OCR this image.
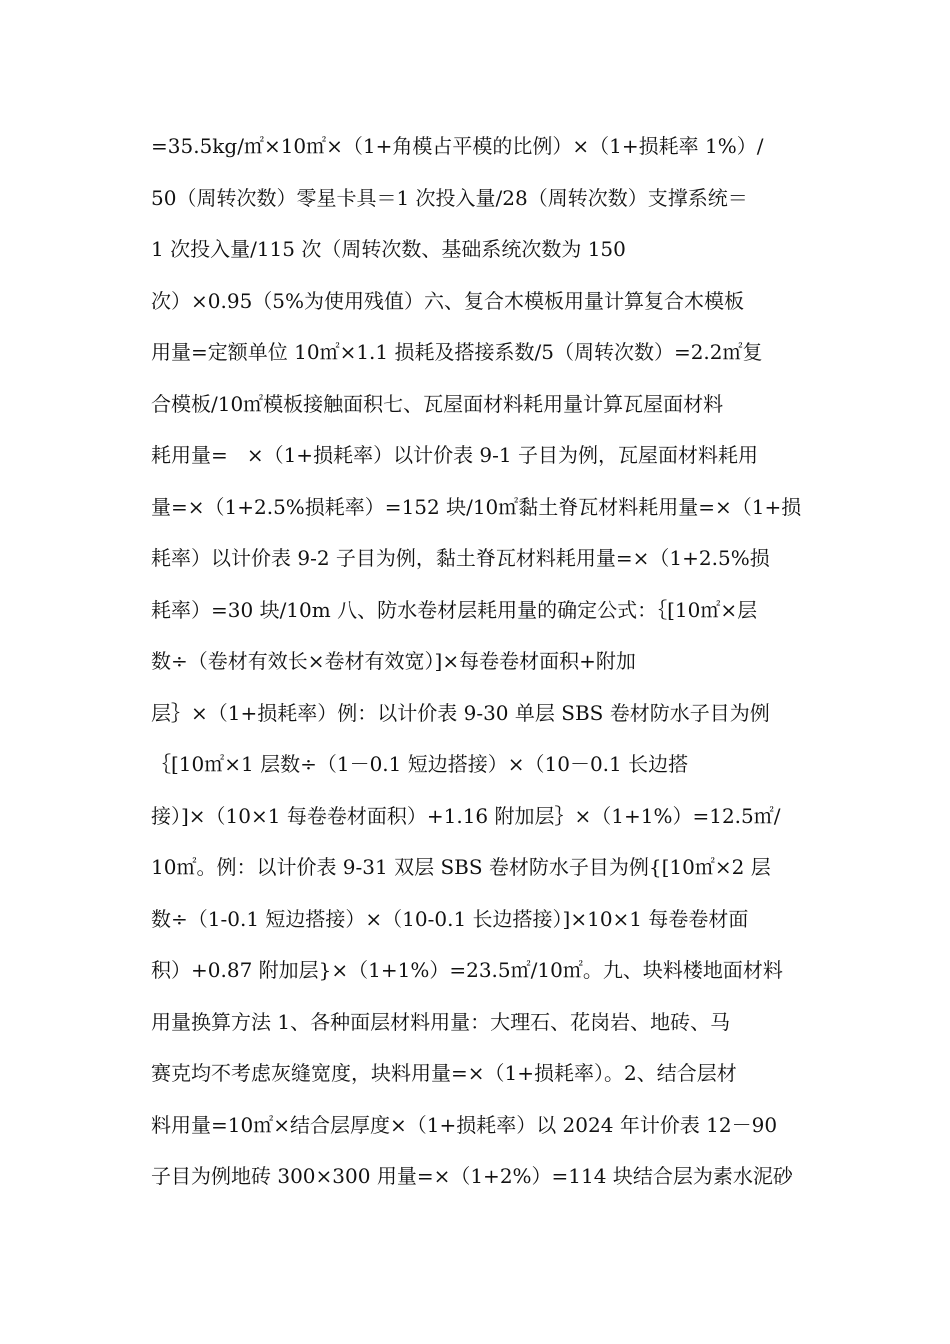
=35.5kg/㎡×10㎡×（1+角模占平模的比例）×（1+损耗率 1%）/
50（周转次数）零星卡具＝1 次投入量/28（周转次数）支撑系统＝
1 次投入量/115 次（周转次数、基础系统次数为 150
次）×0.95（5%为使用残值）六、复合木模板用量计算复合木模板
用量=定额单位 10㎡×1.1 损耗及搭接系数/5（周转次数）=2.2㎡复
合模板/10㎡模板接触面积七、瓦屋面材料耗用量计算瓦屋面材料
耗用量=   ×（1+损耗率）以计价表 9-1 子目为例，瓦屋面材料耗用
量=×（1+2.5%损耗率）=152 块/10㎡黏土脊瓦材料耗用量=×（1+损
耗率）以计价表 9-2 子目为例，黏土脊瓦材料耗用量=×（1+2.5%损
耗率）=30 块/10m 八、防水卷材层耗用量的确定公式：｛[10㎡×层
数÷（卷材有效长×卷材有效宽）]×每卷卷材面积+附加
层｝×（1+损耗率）例：以计价表 9-30 单层 SBS 卷材防水子目为例
｛[10㎡×1 层数÷（1－0.1 短边搭接）×（10－0.1 长边搭
接）]×（10×1 每卷卷材面积）+1.16 附加层｝×（1+1%）=12.5㎡/
10㎡。例：以计价表 9-31 双层 SBS 卷材防水子目为例{[10㎡×2 层
数÷（1-0.1 短边搭接）×（10-0.1 长边搭接）]×10×1 每卷卷材面
积）+0.87 附加层}×（1+1%）=23.5㎡/10㎡。九、块料楼地面材料
用量换算方法 1、各种面层材料用量：大理石、花岗岩、地砖、马
赛克均不考虑灰缝宽度，块料用量=×（1+损耗率）。2、结合层材
料用量=10㎡×结合层厚度×（1+损耗率）以 2024 年计价表 12－90
子目为例地砖 300×300 用量=×（1+2%）=114 块结合层为素水泥砂
